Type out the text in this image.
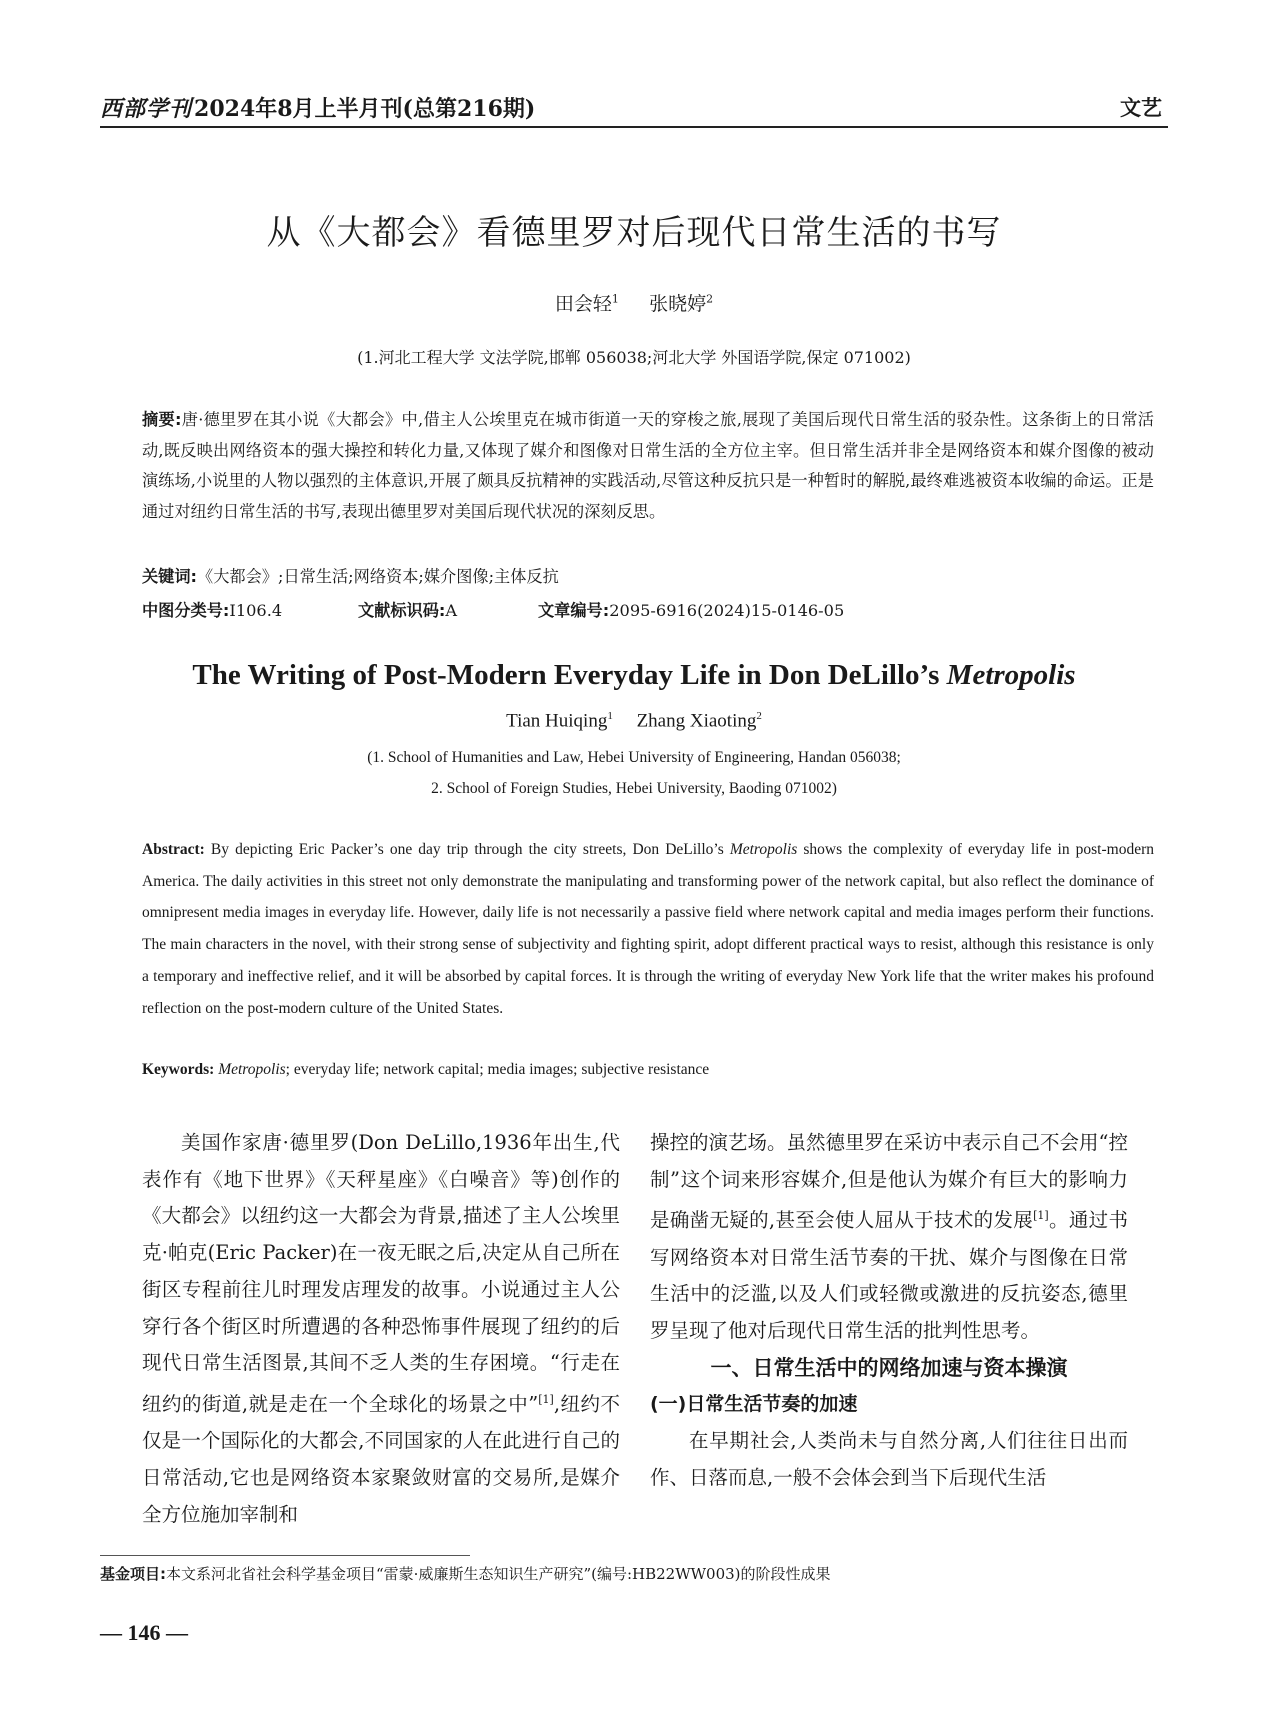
西部学刊2024年8月上半月刊(总第216期)	文艺
从《大都会》看德里罗对后现代日常生活的书写
田会轻$^1$ 张晓婷$^2$
(1.河北工程大学 文法学院,邯郸 056038;河北大学 外国语学院,保定 071002)
摘要:唐·德里罗在其小说《大都会》中,借主人公埃里克在城市街道一天的穿梭之旅,展现了美国后现代日常生活的驳杂性。这条街上的日常活动,既反映出网络资本的强大操控和转化力量,又体现了媒介和图像对日常生活的全方位主宰。但日常生活并非全是网络资本和媒介图像的被动演练场,小说里的人物以强烈的主体意识,开展了颇具反抗精神的实践活动,尽管这种反抗只是一种暂时的解脱,最终难逃被资本收编的命运。正是通过对纽约日常生活的书写,表现出德里罗对美国后现代状况的深刻反思。
关键词:《大都会》;日常生活;网络资本;媒介图像;主体反抗
中图分类号:I106.4	文献标识码:A	文章编号:2095-6916(2024)15-0146-05
The Writing of Post-Modern Everyday Life in Don DeLillo’s Metropolis
Tian Huiqing$^1$ Zhang Xiaoting$^2$
(1. School of Humanities and Law, Hebei University of Engineering, Handan 056038;
2. School of Foreign Studies, Hebei University, Baoding 071002)
Abstract: By depicting Eric Packer’s one day trip through the city streets, Don DeLillo’s Metropolis shows the complexity of everyday life in post-modern America. The daily activities in this street not only demonstrate the manipulating and transforming power of the network capital, but also reflect the dominance of omnipresent media images in everyday life. However, daily life is not necessarily a passive field where network capital and media images perform their functions. The main characters in the novel, with their strong sense of subjectivity and fighting spirit, adopt different practical ways to resist, although this resistance is only a temporary and ineffective relief, and it will be absorbed by capital forces. It is through the writing of everyday New York life that the writer makes his profound reflection on the post-modern culture of the United States.
Keywords: Metropolis; everyday life; network capital; media images; subjective resistance

美国作家唐·德里罗(Don DeLillo,1936年出生,代表作有《地下世界》《天秤星座》《白噪音》等)创作的《大都会》以纽约这一大都会为背景,描述了主人公埃里克·帕克(Eric Packer)在一夜无眠之后,决定从自己所在街区专程前往儿时理发店理发的故事。小说通过主人公穿行各个街区时所遭遇的各种恐怖事件展现了纽约的后现代日常生活图景,其间不乏人类的生存困境。“行走在纽约的街道,就是走在一个全球化的场景之中”[1],纽约不仅是一个国际化的大都会,不同国家的人在此进行自己的日常活动,它也是网络资本家聚敛财富的交易所,是媒介全方位施加宰制和

操控的演艺场。虽然德里罗在采访中表示自己不会用“控制”这个词来形容媒介,但是他认为媒介有巨大的影响力是确凿无疑的,甚至会使人屈从于技术的发展[1]。通过书写网络资本对日常生活节奏的干扰、媒介与图像在日常生活中的泛滥,以及人们或轻微或激进的反抗姿态,德里罗呈现了他对后现代日常生活的批判性思考。

一、日常生活中的网络加速与资本操演
(一)日常生活节奏的加速

在早期社会,人类尚未与自然分离,人们往往日出而作、日落而息,一般不会体会到当下后现代生活

基金项目:本文系河北省社会科学基金项目“雷蒙·威廉斯生态知识生产研究”(编号:HB22WW003)的阶段性成果
— 146 —
